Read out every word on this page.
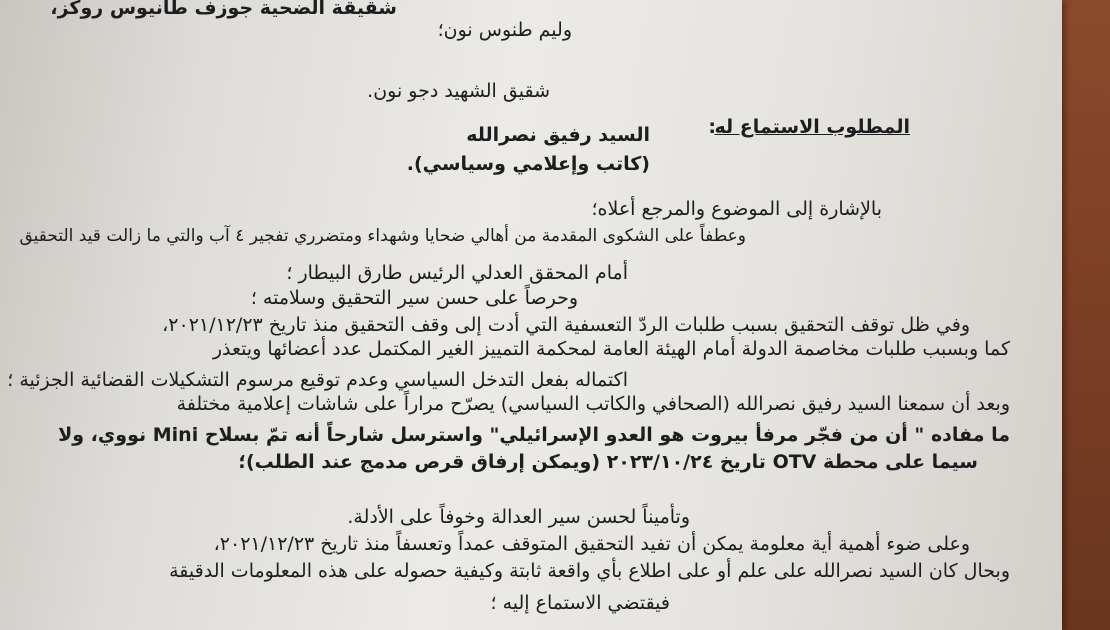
شقيقة الضحية جوزف طانيوس روكز،
وليم طنوس نون؛
شقيق الشهيد دجو نون.
المطلوب الاستماع له
:
السيد رفيق نصرالله
(كاتب وإعلامي وسياسي).
بالإشارة إلى الموضوع والمرجع أعلاه؛
وعطفاً على الشكوى المقدمة من أهالي ضحايا وشهداء ومتضرري تفجير ٤ آب والتي ما زالت قيد التحقيق
أمام المحقق العدلي الرئيس طارق البيطار ؛
وحرصاً على حسن سير التحقيق وسلامته ؛
وفي ظل توقف التحقيق بسبب طلبات الردّ التعسفية التي أدت إلى وقف التحقيق منذ تاريخ ٢٠٢١/١٢/٢٣،
كما وبسبب طلبات مخاصمة الدولة أمام الهيئة العامة لمحكمة التمييز الغير المكتمل عدد أعضائها ويتعذر
اكتماله بفعل التدخل السياسي وعدم توقيع مرسوم التشكيلات القضائية الجزئية ؛
وبعد أن سمعنا السيد رفيق نصرالله (الصحافي والكاتب السياسي) يصرّح مراراً على شاشات إعلامية مختلفة
ما مفاده " أن من فجّر مرفأ بيروت هو العدو الإسرائيلي" واسترسل شارحاً أنه تمّ بسلاح Mini نووي، ولا
سيما على محطة OTV تاريخ ٢٠٢٣/١٠/٢٤ (ويمكن إرفاق قرص مدمج عند الطلب)؛
وتأميناً لحسن سير العدالة وخوفاً على الأدلة.
وعلى ضوء أهمية أية معلومة يمكن أن تفيد التحقيق المتوقف عمداً وتعسفاً منذ تاريخ ٢٠٢١/١٢/٢٣،
وبحال كان السيد نصرالله على علم أو على اطلاع بأي واقعة ثابتة وكيفية حصوله على هذه المعلومات الدقيقة
فيقتضي الاستماع إليه ؛
